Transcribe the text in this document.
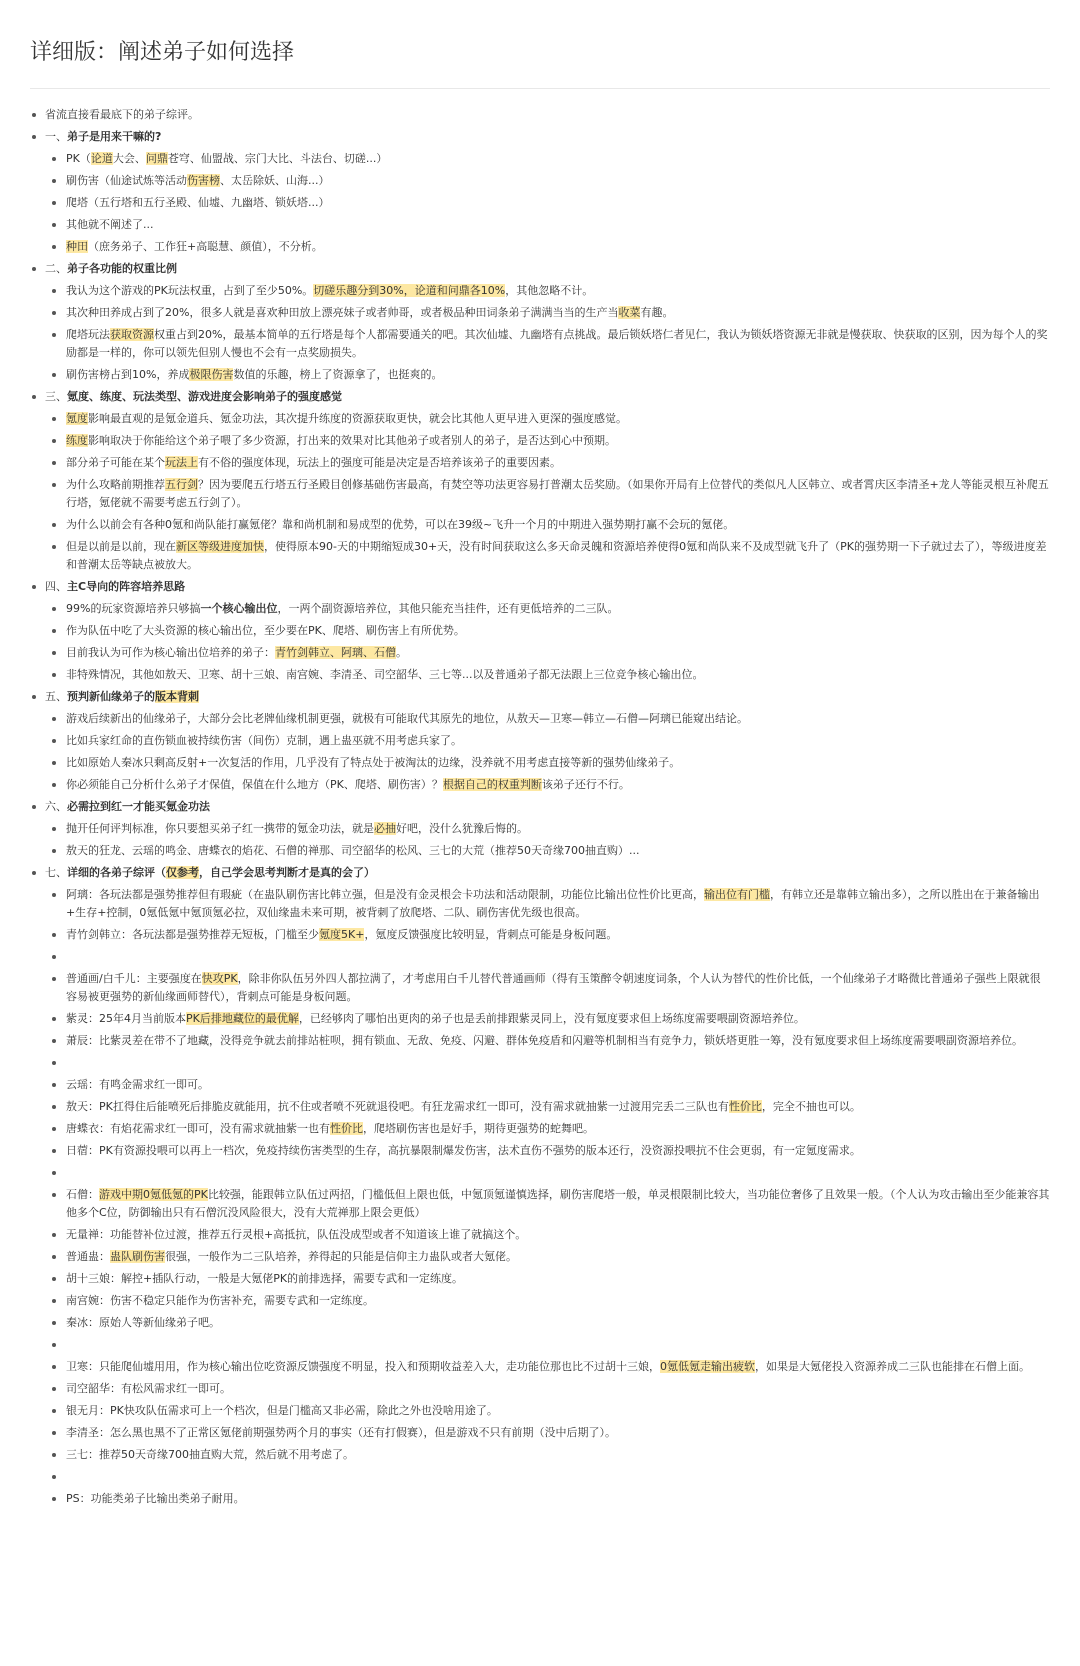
详细版：阐述弟子如何选择
省流直接看最底下的弟子综评。
一、弟子是用来干嘛的?
PK（论道大会、问鼎苍穹、仙盟战、宗门大比、斗法台、切磋...）
刷伤害（仙途试炼等活动伤害榜、太岳除妖、山海...）
爬塔（五行塔和五行圣殿、仙墟、九幽塔、锁妖塔...）
其他就不阐述了...
种田（庶务弟子、工作狂+高聪慧、颜值），不分析。
二、弟子各功能的权重比例
我认为这个游戏的PK玩法权重，占到了至少50%。切磋乐趣分到30%，论道和问鼎各10%，其他忽略不计。
其次种田养成占到了20%，很多人就是喜欢种田放上漂亮妹子或者帅哥，或者极品种田词条弟子满满当当的生产当收菜有趣。
爬塔玩法获取资源权重占到20%，最基本简单的五行塔是每个人都需要通关的吧。其次仙墟、九幽塔有点挑战。最后锁妖塔仁者见仁，我认为锁妖塔资源无非就是慢获取、快获取的区别，因为每个人的奖励都是一样的，你可以领先但别人慢也不会有一点奖励损失。
刷伤害榜占到10%，养成极限伤害数值的乐趣，榜上了资源拿了，也挺爽的。
三、氪度、练度、玩法类型、游戏进度会影响弟子的强度感觉
氪度影响最直观的是氪金道兵、氪金功法，其次提升练度的资源获取更快，就会比其他人更早进入更深的强度感觉。
练度影响取决于你能给这个弟子喂了多少资源，打出来的效果对比其他弟子或者别人的弟子，是否达到心中预期。
部分弟子可能在某个玩法上有不俗的强度体现，玩法上的强度可能是决定是否培养该弟子的重要因素。
为什么攻略前期推荐五行剑？因为要爬五行塔五行圣殿目创修基础伤害最高，有焚空等功法更容易打普潮太岳奖励。（如果你开局有上位替代的类似凡人区韩立、或者霄庆区李清圣+龙人等能灵根互补爬五行塔，氪佬就不需要考虑五行剑了）。
为什么以前会有各种0氪和尚队能打赢氪佬？靠和尚机制和易成型的优势，可以在39级~飞升一个月的中期进入强势期打赢不会玩的氪佬。
但是以前是以前，现在新区等级进度加快，使得原本90-天的中期缩短成30+天，没有时间获取这么多天命灵魄和资源培养使得0氪和尚队来不及成型就飞升了（PK的强势期一下子就过去了），等级进度差和普潮太岳等缺点被放大。
四、主C导向的阵容培养思路
99%的玩家资源培养只够搞一个核心输出位，一两个副资源培养位，其他只能充当挂件，还有更低培养的二三队。
作为队伍中吃了大头资源的核心输出位，至少要在PK、爬塔、刷伤害上有所优势。
目前我认为可作为核心输出位培养的弟子：青竹剑韩立、阿璃、石僧。
非特殊情况，其他如敖天、卫寒、胡十三娘、南宫婉、李清圣、司空韶华、三七等...以及普通弟子都无法跟上三位竞争核心输出位。
五、预判新仙缘弟子的版本背刺
游戏后续新出的仙缘弟子，大部分会比老牌仙缘机制更强，就极有可能取代其原先的地位，从敖天—卫寒—韩立—石僧—阿璃已能窥出结论。
比如兵家红命的直伤锁血被持续伤害（间伤）克制，遇上蛊巫就不用考虑兵家了。
比如原始人秦冰只剩高反射+一次复活的作用，几乎没有了特点处于被淘汰的边缘，没养就不用考虑直接等新的强势仙缘弟子。
你必须能自己分析什么弟子才保值，保值在什么地方（PK、爬塔、刷伤害）？根据自己的权重判断该弟子还行不行。
六、必需拉到红一才能买氪金功法
抛开任何评判标准，你只要想买弟子红一携带的氪金功法，就是必抽好吧，没什么犹豫后悔的。
敖天的狂龙、云瑶的鸣金、唐蝶衣的焰花、石僧的禅那、司空韶华的松风、三七的大荒（推荐50天奇缘700抽直购）...
七、详细的各弟子综评（仅参考，自己学会思考判断才是真的会了）
阿璃：各玩法都是强势推荐但有瑕疵（在蛊队刷伤害比韩立强，但是没有金灵根会卡功法和活动限制，功能位比输出位性价比更高，输出位有门槛，有韩立还是靠韩立输出多），之所以胜出在于兼备输出+生存+控制，0氪低氪中氪顶氪必拉，双仙缘蛊未来可期，被背刺了放爬塔、二队、刷伤害优先级也很高。
青竹剑韩立：各玩法都是强势推荐无短板，门槛至少氪度5K+，氪度反馈强度比较明显，背刺点可能是身板问题。

普通画/白千儿：主要强度在快攻PK，除非你队伍另外四人都拉满了，才考虑用白千儿替代普通画师（得有玉策醉令朝速度词条，个人认为替代的性价比低，一个仙缘弟子才略微比普通弟子强些上限就很容易被更强势的新仙缘画师替代），背刺点可能是身板问题。
紫灵：25年4月当前版本PK后排地藏位的最优解，已经够肉了哪怕出更肉的弟子也是丢前排跟紫灵同上，没有氪度要求但上场练度需要喂副资源培养位。
萧辰：比紫灵差在带不了地藏，没得竞争就去前排站桩呗，拥有锁血、无敌、免疫、闪避、群体免疫盾和闪避等机制相当有竞争力，锁妖塔更胜一筹，没有氪度要求但上场练度需要喂副资源培养位。

云瑶：有鸣金需求红一即可。
敖天：PK扛得住后能喷死后排脆皮就能用，抗不住或者喷不死就退役吧。有狂龙需求红一即可，没有需求就抽紫一过渡用完丢二三队也有性价比，完全不抽也可以。
唐蝶衣：有焰花需求红一即可，没有需求就抽紫一也有性价比，爬塔刷伤害也是好手，期待更强势的蛇舞吧。
日蓿：PK有资源投喂可以再上一档次，免疫持续伤害类型的生存，高抗暴限制爆发伤害，法术直伤不强势的版本还行，没资源投喂抗不住会更弱，有一定氪度需求。

石僧：游戏中期0氪低氪的PK比较强，能跟韩立队伍过两招，门槛低但上限也低，中氪顶氪谨慎选择，刷伤害爬塔一般，单灵根限制比较大，当功能位奢侈了且效果一般。（个人认为攻击输出至少能兼容其他多个C位，防御输出只有石僧沉没风险很大，没有大荒禅那上限会更低）
无量禅：功能替补位过渡，推荐五行灵根+高抵抗，队伍没成型或者不知道该上谁了就搞这个。
普通蛊：蛊队刷伤害很强，一般作为二三队培养，养得起的只能是信仰主力蛊队或者大氪佬。
胡十三娘：解控+插队行动，一般是大氪佬PK的前排选择，需要专武和一定练度。
南宫婉：伤害不稳定只能作为伤害补充，需要专武和一定练度。
秦冰：原始人等新仙缘弟子吧。

卫寒：只能爬仙墟用用，作为核心输出位吃资源反馈强度不明显，投入和预期收益差入大，走功能位那也比不过胡十三娘，0氪低氪走输出疲软，如果是大氪佬投入资源养成二三队也能排在石僧上面。
司空韶华：有松风需求红一即可。
银无月：PK快攻队伍需求可上一个档次，但是门槛高又非必需，除此之外也没啥用途了。
李清圣：怎么黑也黑不了正常区氪佬前期强势两个月的事实（还有打假赛），但是游戏不只有前期（没中后期了）。
三七：推荐50天奇缘700抽直购大荒，然后就不用考虑了。

PS：功能类弟子比输出类弟子耐用。
